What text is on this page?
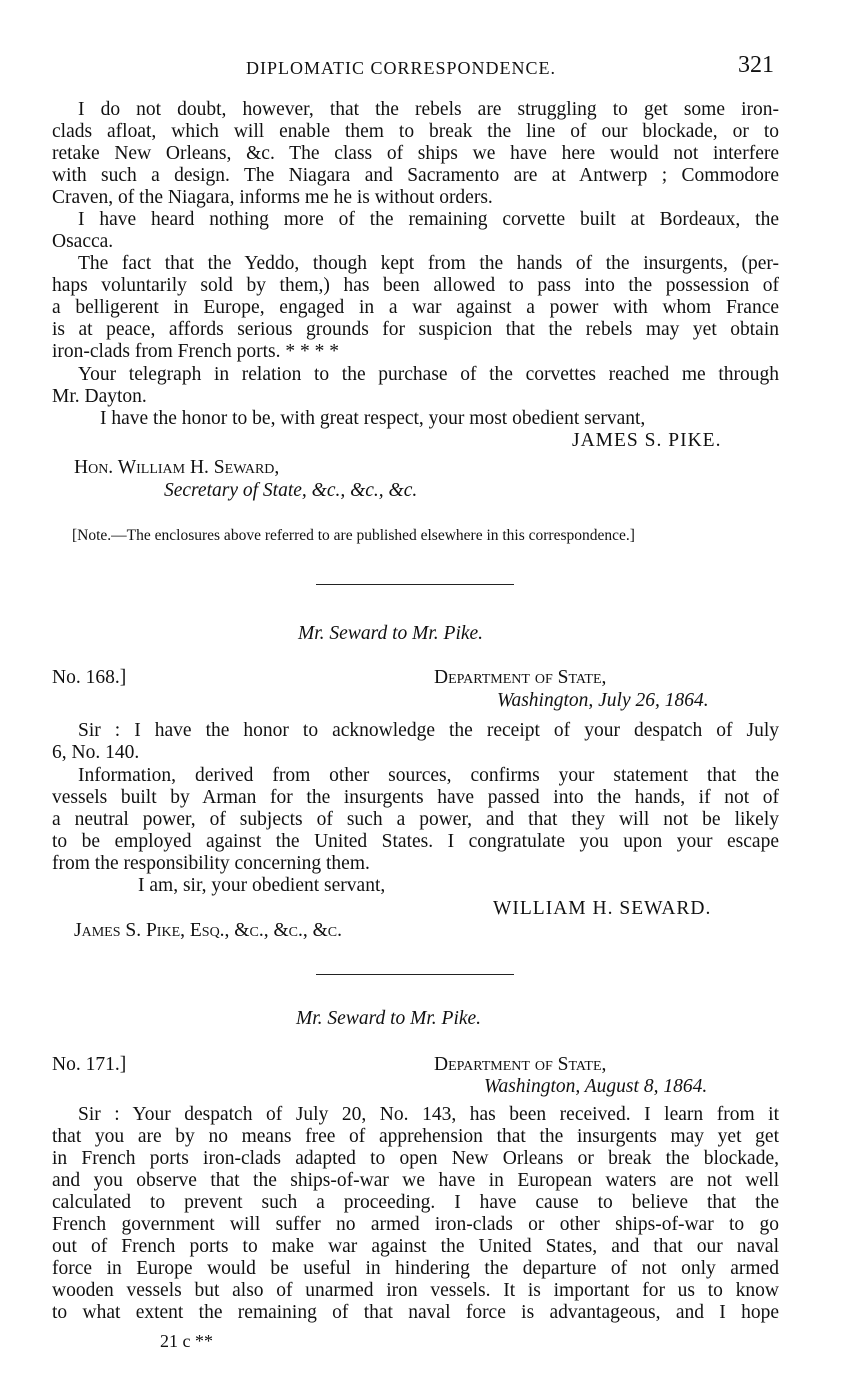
DIPLOMATIC CORRESPONDENCE.	321
I do not doubt, however, that the rebels are struggling to get some iron-
clads afloat, which will enable them to break the line of our blockade, or to
retake New Orleans, &c. The class of ships we have here would not interfere
with such a design. The Niagara and Sacramento are at Antwerp ; Commodore
Craven, of the Niagara, informs me he is without orders.
I have heard nothing more of the remaining corvette built at Bordeaux, the
Osacca.
The fact that the Yeddo, though kept from the hands of the insurgents, (per-
haps voluntarily sold by them,) has been allowed to pass into the possession of
a belligerent in Europe, engaged in a war against a power with whom France
is at peace, affords serious grounds for suspicion that the rebels may yet obtain
iron-clads from French ports. * * * *
Your telegraph in relation to the purchase of the corvettes reached me through
Mr. Dayton.
I have the honor to be, with great respect, your most obedient servant,
JAMES S. PIKE.
Hon. William H. Seward,
Secretary of State, &c., &c., &c.
[Note.—The enclosures above referred to are published elsewhere in this correspondence.]
Mr. Seward to Mr. Pike.
No. 168.]	Department of State,
Washington, July 26, 1864.
Sir : I have the honor to acknowledge the receipt of your despatch of July
6, No. 140.
Information, derived from other sources, confirms your statement that the
vessels built by Arman for the insurgents have passed into the hands, if not of
a neutral power, of subjects of such a power, and that they will not be likely
to be employed against the United States. I congratulate you upon your escape
from the responsibility concerning them.
I am, sir, your obedient servant,
WILLIAM H. SEWARD.
James S. Pike, Esq., &c., &c., &c.
Mr. Seward to Mr. Pike.
No. 171.]	Department of State,
Washington, August 8, 1864.
Sir : Your despatch of July 20, No. 143, has been received. I learn from it
that you are by no means free of apprehension that the insurgents may yet get
in French ports iron-clads adapted to open New Orleans or break the blockade,
and you observe that the ships-of-war we have in European waters are not well
calculated to prevent such a proceeding. I have cause to believe that the
French government will suffer no armed iron-clads or other ships-of-war to go
out of French ports to make war against the United States, and that our naval
force in Europe would be useful in hindering the departure of not only armed
wooden vessels but also of unarmed iron vessels. It is important for us to know
to what extent the remaining of that naval force is advantageous, and I hope
21 c **
